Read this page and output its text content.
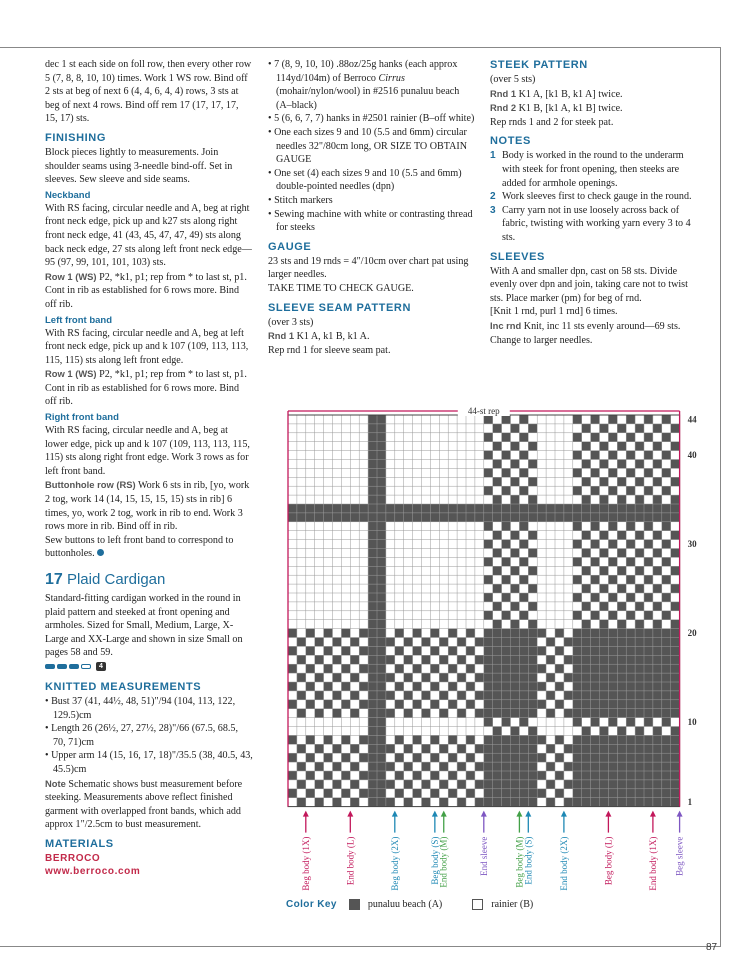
dec 1 st each side on foll row, then every other row 5 (7, 8, 8, 10, 10) times. Work 1 WS row. Bind off 2 sts at beg of next 6 (4, 4, 6, 4, 4) rows, 3 sts at beg of next 4 rows. Bind off rem 17 (17, 17, 17, 15, 17) sts.

FINISHING

Block pieces lightly to measurements. Join shoulder seams using 3-needle bind-off. Set in sleeves. Sew sleeve and side seams.

Neckband

With RS facing, circular needle and A, beg at right front neck edge, pick up and k27 sts along right front neck edge, 41 (43, 45, 47, 47, 49) sts along back neck edge, 27 sts along left front neck edge—95 (97, 99, 101, 101, 103) sts.

Row 1 (WS) P2, *k1, p1; rep from * to last st, p1. Cont in rib as established for 6 rows more. Bind off rib.

Left front band

With RS facing, circular needle and A, beg at left front neck edge, pick up and k 107 (109, 113, 113, 115, 115) sts along left front edge.

Row 1 (WS) P2, *k1, p1; rep from * to last st, p1. Cont in rib as established for 6 rows more. Bind off rib.

Right front band

With RS facing, circular needle and A, beg at lower edge, pick up and k 107 (109, 113, 113, 115, 115) sts along right front edge. Work 3 rows as for left front band.

Buttonhole row (RS) Work 6 sts in rib, [yo, work 2 tog, work 14 (14, 15, 15, 15, 15) sts in rib] 6 times, yo, work 2 tog, work in rib to end. Work 3 rows more in rib. Bind off in rib.

Sew buttons to left front band to correspond to buttonholes.

17 Plaid Cardigan

Standard-fitting cardigan worked in the round in plaid pattern and steeked at front opening and armholes. Sized for Small, Medium, Large, X-Large and XX-Large and shown in size Small on pages 58 and 59.

4
KNITTED MEASUREMENTS
• Bust 37 (41, 44½, 48, 51)"/94 (104, 113, 122, 129.5)cm
• Length 26 (26½, 27, 27½, 28)"/66 (67.5, 68.5, 70, 71)cm
• Upper arm 14 (15, 16, 17, 18)"/35.5 (38, 40.5, 43, 45.5)cm

Note Schematic shows bust measurement before steeking. Measurements above reflect finished garment with overlapped front bands, which add approx 1"/2.5cm to bust measurement.

MATERIALS
BERROCO
www.berroco.com
• 7 (8, 9, 10, 10) .88oz/25g hanks (each approx 114yd/104m) of Berroco Cirrus (mohair/nylon/wool) in #2516 punaluu beach (A–black)
• 5 (6, 6, 7, 7) hanks in #2501 rainier (B–off white)
• One each sizes 9 and 10 (5.5 and 6mm) circular needles 32"/80cm long, OR SIZE TO OBTAIN GAUGE
• One set (4) each sizes 9 and 10 (5.5 and 6mm) double-pointed needles (dpn)
• Stitch markers
• Sewing machine with white or contrasting thread for steeks
GAUGE

23 sts and 19 rnds = 4"/10cm over chart pat using larger needles.

TAKE TIME TO CHECK GAUGE.

SLEEVE SEAM PATTERN

(over 3 sts)

Rnd 1 K1 A, k1 B, k1 A.

Rep rnd 1 for sleeve seam pat.

STEEK PATTERN

(over 5 sts)

Rnd 1 K1 A, [k1 B, k1 A] twice.

Rnd 2 K1 B, [k1 A, k1 B] twice.

Rep rnds 1 and 2 for steek pat.

NOTES
1 Body is worked in the round to the underarm with steek for front opening, then steeks are added for armhole openings.
2 Work sleeves first to check gauge in the round.
3 Carry yarn not in use loosely across back of fabric, twisting with working yarn every 3 to 4 sts.
SLEEVES

With A and smaller dpn, cast on 58 sts. Divide evenly over dpn and join, taking care not to twist sts. Place marker (pm) for beg of rnd.

[Knit 1 rnd, purl 1 rnd] 6 times.

Inc rnd Knit, inc 11 sts evenly around—69 sts. Change to larger needles.

44-st rep
1
10
20
30
40
44
Beg body (1X)	End body (L)	Beg body (2X)	Beg body (S)
End body (M)	End sleeve	Beg body (M)
End body (S)	End body (2X)	Beg body (L)	End body (1X) Beg sleeve
Color Key	punaluu beach (A)	rainier (B)
87
